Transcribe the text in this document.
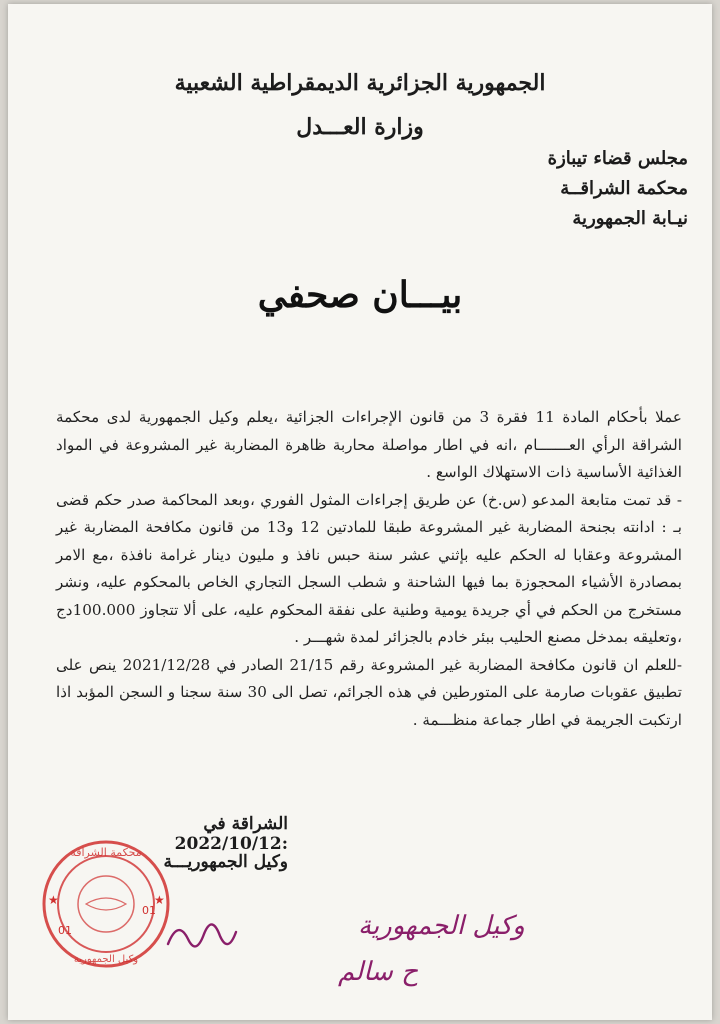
الجمهورية الجزائرية الديمقراطية الشعبية
وزارة العـــدل
مجلس قضاء تيبازة
محكمة الشراقــة
نيـابة الجمهورية
بيـــان صحفي

عملا بأحكام المادة 11 فقرة 3 من قانون الإجراءات الجزائية ،يعلم وكيل الجمهورية لدى محكمة الشراقة الرأي العـــــــام ،انه في اطار مواصلة محاربة ظاهرة المضاربة غير المشروعة في المواد الغذائية الأساسية ذات الاستهلاك الواسع .

- قد تمت متابعة المدعو (س.خ) عن طريق إجراءات المثول الفوري ،وبعد المحاكمة صدر حكم قضى بـ : ادانته بجنحة المضاربة غير المشروعة طبقا للمادتين 12 و13 من قانون مكافحة المضاربة غير المشروعة وعقابا له الحكم عليه بإثني عشر سنة حبس نافذ و مليون دينار غرامة نافذة ،مع الامر بمصادرة الأشياء المحجوزة بما فيها الشاحنة و شطب السجل التجاري الخاص بالمحكوم عليه، ونشر مستخرج من الحكم في أي جريدة يومية وطنية على نفقة المحكوم عليه، على ألا تتجاوز 100.000دج ،وتعليقه بمدخل مصنع الحليب ببئر خادم بالجزائر لمدة شهـــر .

-للعلم ان قانون مكافحة المضاربة غير المشروعة رقم 21/15 الصادر في 2021/12/28 ينص على تطبيق عقوبات صارمة على المتورطين في هذه الجرائم، تصل الى 30 سنة سجنا و السجن المؤبد اذا ارتكبت الجريمة في اطار جماعة منظـــمة .

الشراقة في :2022/10/12
وكيل الجمهوريـــة
محكمة الشراقة
وكيل الجمهورية
01
01
★	★
وكيل الجمهورية
ح سالم
